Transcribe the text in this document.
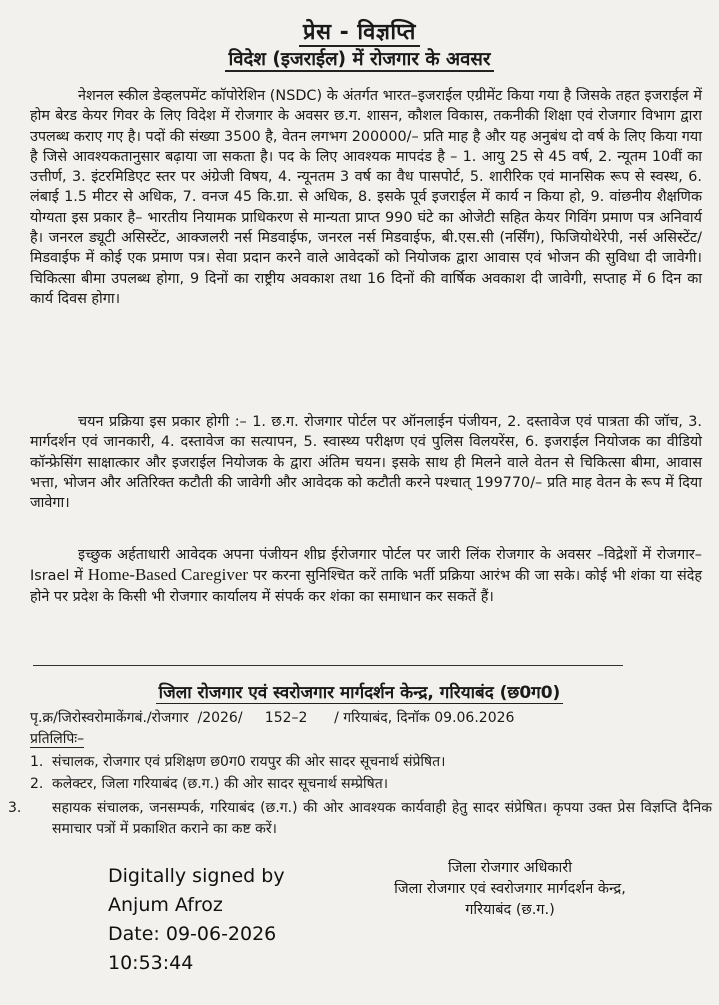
प्रेस - विज्ञप्ति
विदेश (इजराईल) में रोजगार के अवसर

नेशनल स्कील डेव्हलपमेंट कॉपोरेशिन (NSDC) के अंतर्गत भारत–इजराईल एग्रीमेंट किया गया है जिसके तहत इजराईल में होम बेरड केयर गिवर के लिए विदेश में रोजगार के अवसर छ.ग. शासन, कौशल विकास, तकनीकी शिक्षा एवं रोजगार विभाग द्वारा उपलब्ध कराए गए है। पदों की संख्या 3500 है, वेतन लगभग 200000/– प्रति माह है और यह अनुबंध दो वर्ष के लिए किया गया है जिसे आवश्यकतानुसार बढ़ाया जा सकता है। पद के लिए आवश्यक मापदंड है – 1. आयु 25 से 45 वर्ष, 2. न्यूतम 10वीं का उत्तीर्ण, 3. इंटरमिडिएट स्तर पर अंग्रेजी विषय, 4. न्यूनतम 3 वर्ष का वैध पासपोर्ट, 5. शारीरिक एवं मानसिक रूप से स्वस्थ, 6. लंबाई 1.5 मीटर से अधिक, 7. वनज 45 कि.ग्रा. से अधिक, 8. इसके पूर्व इजराईल में कार्य न किया हो, 9. वांछनीय शैक्षणिक योग्यता इस प्रकार है– भारतीय नियामक प्राधिकरण से मान्यता प्राप्त 990 घंटे का ओजेटी सहित केयर गिविंग प्रमाण पत्र अनिवार्य है। जनरल ड्यूटी असिस्टेंट, आक्जलरी नर्स मिडवाईफ, जनरल नर्स मिडवाईफ, बी.एस.सी (नर्सिंग), फिजियोथेरेपी, नर्स असिस्टेंट/मिडवाईफ में कोई एक प्रमाण पत्र। सेवा प्रदान करने वाले आवेदकों को नियोजक द्वारा आवास एवं भोजन की सुविधा दी जावेगी। चिकित्सा बीमा उपलब्ध होगा, 9 दिनों का राष्ट्रीय अवकाश तथा 16 दिनों की वार्षिक अवकाश दी जावेगी, सप्ताह में 6 दिन का कार्य दिवस होगा।

चयन प्रक्रिया इस प्रकार होगी :– 1. छ.ग. रोजगार पोर्टल पर ऑनलाईन पंजीयन, 2. दस्तावेज एवं पात्रता की जॉच, 3. मार्गदर्शन एवं जानकारी, 4. दस्तावेज का सत्यापन, 5. स्वास्थ्य परीक्षण एवं पुलिस विलयरेंस, 6. इजराईल नियोजक का वीडियो कॉन्फ्रेसिंग साक्षात्कार और इजराईल नियोजक के द्वारा अंतिम चयन। इसके साथ ही मिलने वाले वेतन से चिकित्सा बीमा, आवास भत्ता, भोजन और अतिरिक्त कटौती की जावेगी और आवेदक को कटौती करने पश्चात् 199770/– प्रति माह वेतन के रूप में दिया जावेगा।

इच्छुक अर्हताधारी आवेदक अपना पंजीयन शीघ्र ईरोजगार पोर्टल पर जारी लिंक रोजगार के अवसर –विद्रेशों में रोजगार– Israel में Home-Based Caregiver पर करना सुनिश्चित करें ताकि भर्ती प्रक्रिया आरंभ की जा सके। कोई भी शंका या संदेह होने पर प्रदेश के किसी भी रोजगार कार्यालय में संपर्क कर शंका का समाधान कर सकतें हैं।

जिला रोजगार एवं स्वरोजगार मार्गदर्शन केन्द्र, गरियाबंद (छ0ग0)
पृ.क्र/जिरोस्वरोमाकेंगबं./रोजगार  /2026/     152–2      / गरियाबंद, दिनॉक 09.06.2026
प्रतिलिपिः–
1. संचालक, रोजगार एवं प्रशिक्षण छ0ग0 रायपुर की ओर सादर सूचनार्थ संप्रेषित।
2. कलेक्टर, जिला गरियाबंद (छ.ग.) की ओर सादर सूचनार्थ सम्प्रेषित।
3. सहायक संचालक, जनसम्पर्क, गरियाबंद (छ.ग.) की ओर आवश्यक कार्यवाही हेतु सादर संप्रेषित। कृपया उक्त प्रेस विज्ञप्ति दैनिक समाचार पत्रों में प्रकाशित कराने का कष्ट करें।
Digitally signed by
Anjum Afroz
Date: 09-06-2026
10:53:44
जिला रोजगार अधिकारी
जिला रोजगार एवं स्वरोजगार मार्गदर्शन केन्द्र,
गरियाबंद (छ.ग.)
